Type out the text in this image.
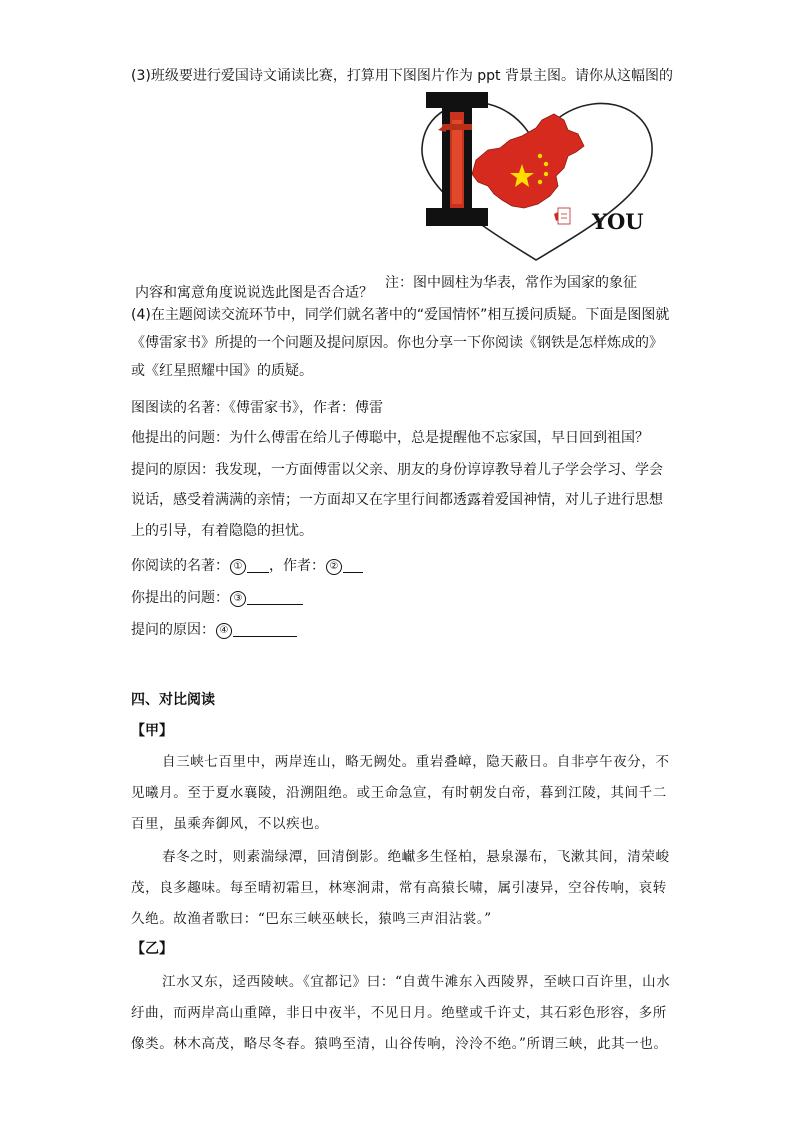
(3)班级要进行爱国诗文诵读比赛，打算用下图图片作为 ppt 背景主图。请你从这幅图的
YOU
注：图中圆柱为华表，常作为国家的象征
内容和寓意角度说说选此图是否合适？
(4)在主题阅读交流环节中，同学们就名著中的“爱国情怀”相互援问质疑。下面是图图就
《傅雷家书》所提的一个问题及提问原因。你也分享一下你阅读《钢铁是怎样炼成的》
或《红星照耀中国》的质疑。
图图读的名著：《傅雷家书》，作者：傅雷
他提出的问题：为什么傅雷在给儿子傅聪中，总是提醒他不忘家国，早日回到祖国？
提问的原因：我发现，一方面傅雷以父亲、朋友的身份谆谆教导着儿子学会学习、学会
说话，感受着满满的亲情；一方面却又在字里行间都透露着爱国神情，对儿子进行思想
上的引导，有着隐隐的担忧。
你阅读的名著： ① ，作者： ②
你提出的问题： ③
提问的原因： ④
四、对比阅读
【甲】
自三峡七百里中，两岸连山，略无阙处。重岩叠嶂，隐天蔽日。自非亭午夜分，不
见曦月。至于夏水襄陵，沿溯阻绝。或王命急宣，有时朝发白帝，暮到江陵，其间千二
百里，虽乘奔御风，不以疾也。
春冬之时，则素湍绿潭，回清倒影。绝𪩘多生怪柏，悬泉瀑布，飞漱其间，清荣峻
茂，良多趣味。每至晴初霜旦，林寒涧肃，常有高猿长啸，属引凄异，空谷传响，哀转
久绝。故渔者歌曰：“巴东三峡巫峡长，猿鸣三声泪沾裳。”
【乙】
江水又东，迳西陵峡。《宜都记》曰：“自黄牛滩东入西陵界，至峡口百许里，山水
纡曲，而两岸高山重障，非日中夜半，不见日月。绝壁或千许丈，其石彩色形容，多所
像类。林木高茂，略尽冬春。猿鸣至清，山谷传响，泠泠不绝。”所谓三峡，此其一也。
